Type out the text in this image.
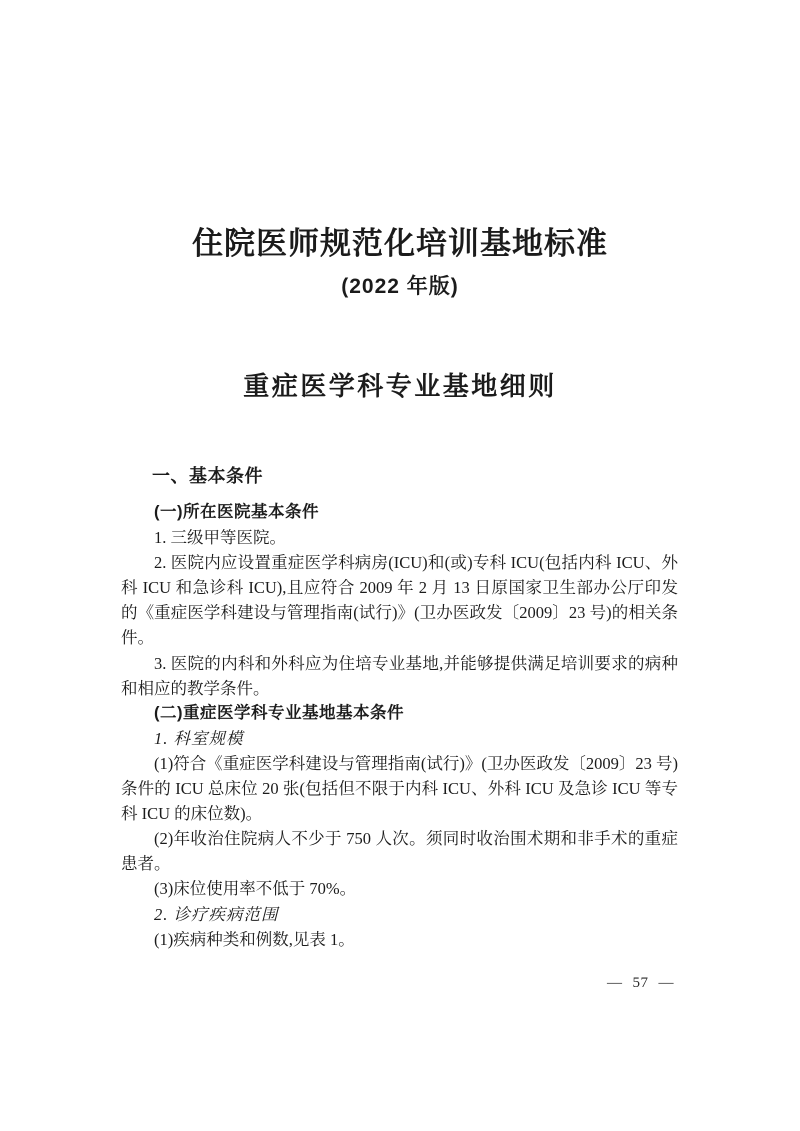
住院医师规范化培训基地标准
(2022 年版)
重症医学科专业基地细则
一、基本条件

(一)所在医院基本条件

1. 三级甲等医院。

2. 医院内应设置重症医学科病房(ICU)和(或)专科 ICU(包括内科 ICU、外科 ICU 和急诊科 ICU),且应符合 2009 年 2 月 13 日原国家卫生部办公厅印发的《重症医学科建设与管理指南(试行)》(卫办医政发〔2009〕23 号)的相关条件。

3. 医院的内科和外科应为住培专业基地,并能够提供满足培训要求的病种和相应的教学条件。

(二)重症医学科专业基地基本条件

1. 科室规模

(1)符合《重症医学科建设与管理指南(试行)》(卫办医政发〔2009〕23 号)条件的 ICU 总床位 20 张(包括但不限于内科 ICU、外科 ICU 及急诊 ICU 等专科 ICU 的床位数)。

(2)年收治住院病人不少于 750 人次。须同时收治围术期和非手术的重症患者。

(3)床位使用率不低于 70%。

2. 诊疗疾病范围

(1)疾病种类和例数,见表 1。

— 57 —
